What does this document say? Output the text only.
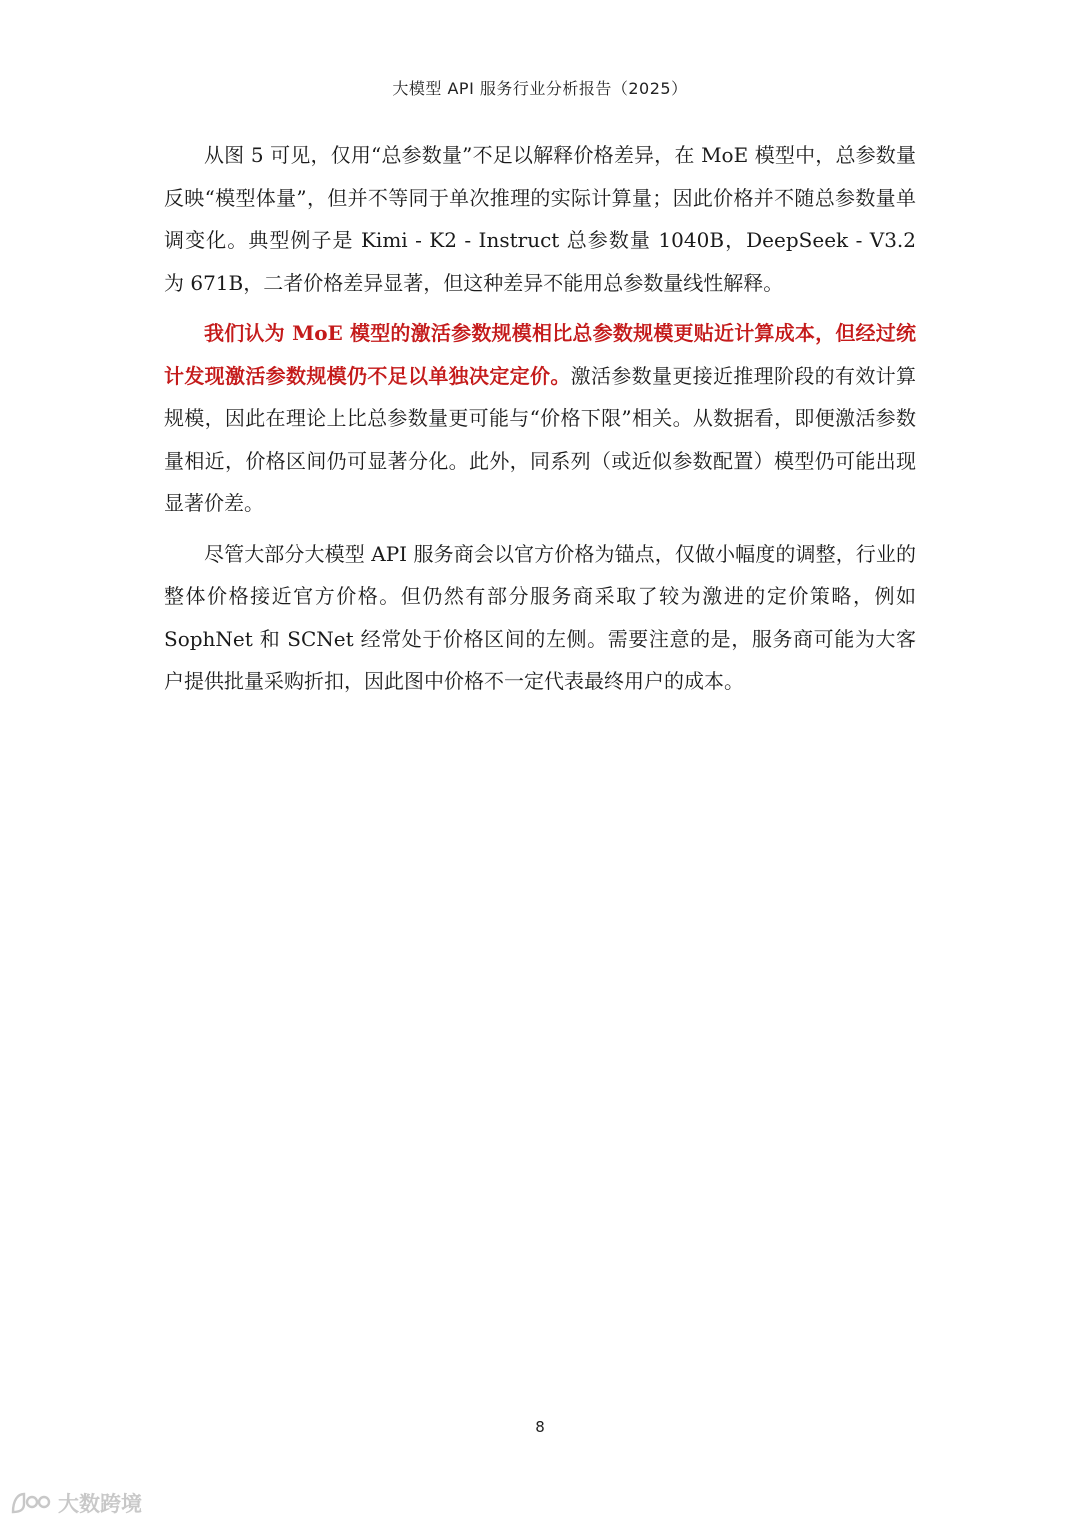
大模型 API 服务行业分析报告（2025）

从图 5 可见，仅用“总参数量”不足以解释价格差异，在 MoE 模型中，总参数量反映“模型体量”，但并不等同于单次推理的实际计算量；因此价格并不随总参数量单调变化。典型例子是 Kimi - K2 - Instruct 总参数量 1040B，DeepSeek - V3.2 为 671B，二者价格差异显著，但这种差异不能用总参数量线性解释。

我们认为 MoE 模型的激活参数规模相比总参数规模更贴近计算成本，但经过统计发现激活参数规模仍不足以单独决定定价。激活参数量更接近推理阶段的有效计算规模，因此在理论上比总参数量更可能与“价格下限”相关。从数据看，即便激活参数量相近，价格区间仍可显著分化。此外，同系列（或近似参数配置）模型仍可能出现显著价差。

尽管大部分大模型 API 服务商会以官方价格为锚点，仅做小幅度的调整，行业的整体价格接近官方价格。但仍然有部分服务商采取了较为激进的定价策略，例如 SophNet 和 SCNet 经常处于价格区间的左侧。需要注意的是，服务商可能为大客户提供批量采购折扣，因此图中价格不一定代表最终用户的成本。

8
大数跨境
